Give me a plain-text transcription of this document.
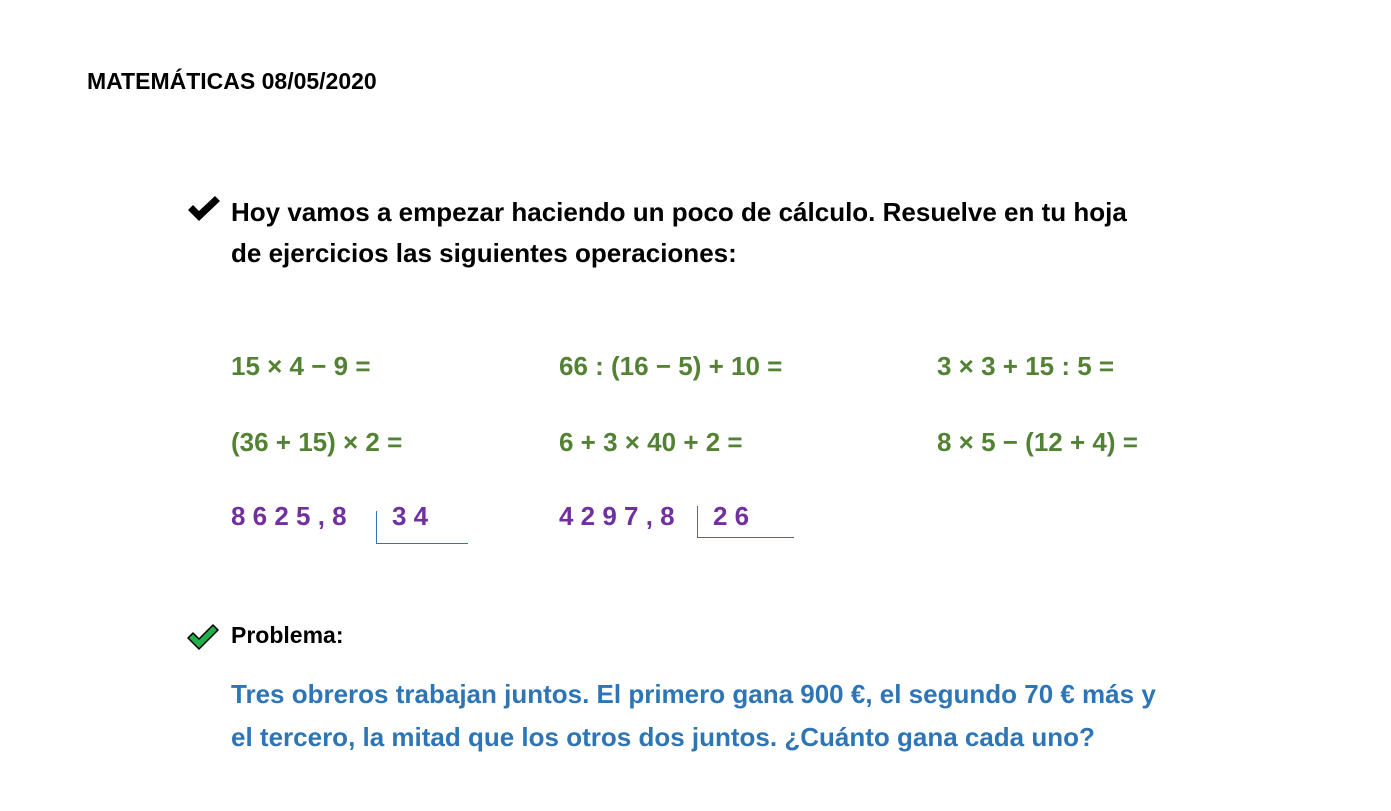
MATEMÁTICAS 08/05/2020
Hoy vamos a empezar haciendo un poco de cálculo. Resuelve en tu hoja
de ejercicios las siguientes operaciones:
15 × 4 − 9 =	66 : (16 − 5) + 10 =	3 × 3 + 15 : 5 =
(36 + 15) × 2 =	6 + 3 × 40 + 2 =	8 × 5 − (12 + 4) =
8 6 2 5 , 8 3 4	4 2 9 7 , 8 2 6
Problema:
Tres obreros trabajan juntos. El primero gana 900 €, el segundo 70 € más y
el tercero, la mitad que los otros dos juntos. ¿Cuánto gana cada uno?
